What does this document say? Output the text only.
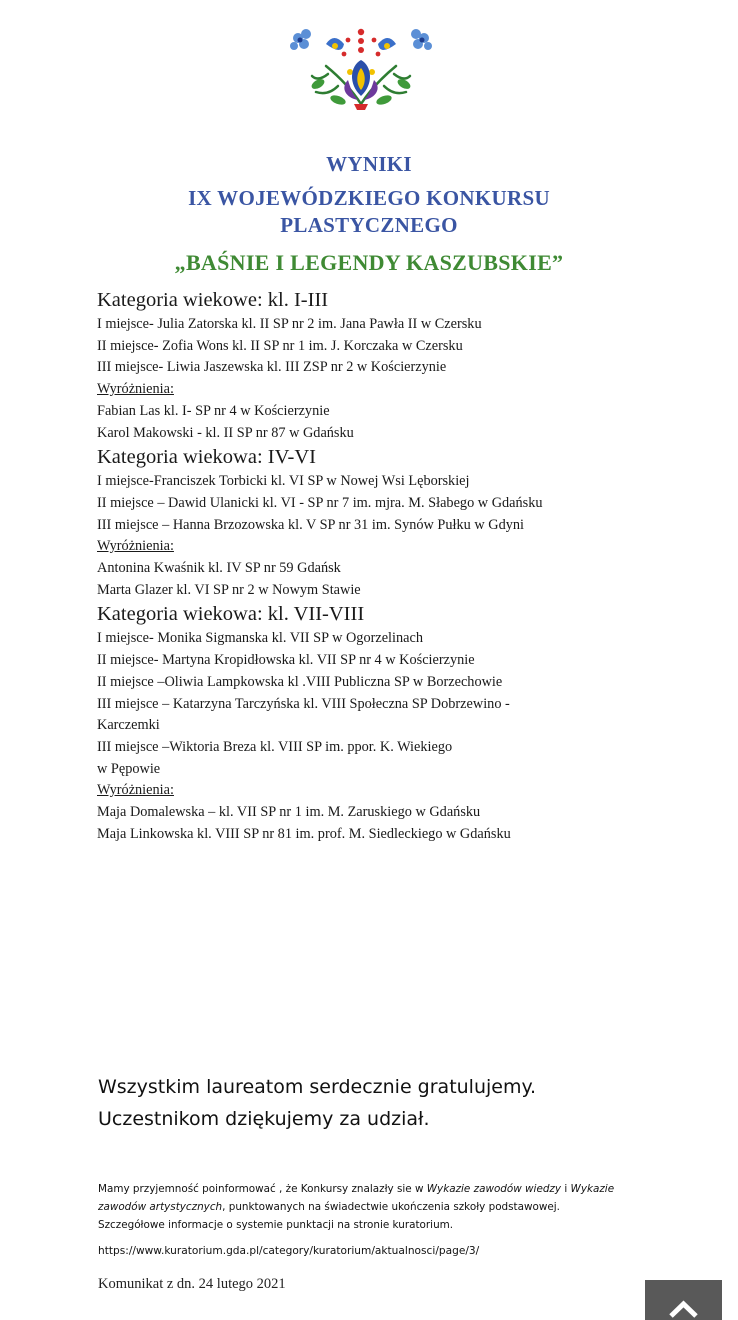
WYNIKI
IX WOJEWÓDZKIEGO KONKURSU
PLASTYCZNEGO
„BAŚNIE I LEGENDY KASZUBSKIE”

Kategoria wiekowe: kl. I-III

I miejsce- Julia Zatorska kl. II SP nr 2 im. Jana Pawła II w Czersku

II miejsce- Zofia Wons kl. II SP nr 1 im. J. Korczaka w Czersku

III miejsce- Liwia Jaszewska kl. III ZSP nr 2 w Kościerzynie

Wyróżnienia:

Fabian Las kl. I- SP nr 4 w Kościerzynie

Karol Makowski - kl. II SP nr 87 w Gdańsku

Kategoria wiekowa: IV-VI

I miejsce-Franciszek Torbicki kl. VI SP w Nowej Wsi Lęborskiej

II miejsce – Dawid Ulanicki kl. VI - SP nr 7 im. mjra. M. Słabego w Gdańsku

III miejsce – Hanna Brzozowska kl. V SP nr 31 im. Synów Pułku w Gdyni

Wyróżnienia:

Antonina Kwaśnik kl. IV SP nr 59 Gdańsk

Marta Glazer kl. VI SP nr 2 w Nowym Stawie

Kategoria wiekowa: kl. VII-VIII

I miejsce- Monika Sigmanska kl. VII SP w Ogorzelinach

II miejsce- Martyna Kropidłowska kl. VII SP nr 4 w Kościerzynie

II miejsce –Oliwia Lampkowska kl .VIII Publiczna SP w Borzechowie

III miejsce – Katarzyna Tarczyńska kl. VIII Społeczna SP Dobrzewino -

Karczemki

III miejsce –Wiktoria Breza kl. VIII SP im. ppor. K. Wiekiego

w Pępowie

Wyróżnienia:

Maja Domalewska – kl. VII SP nr 1 im. M. Zaruskiego w Gdańsku

Maja Linkowska kl. VIII SP nr 81 im. prof. M. Siedleckiego w Gdańsku

Wszystkim laureatom serdecznie gratulujemy.
Uczestnikom dziękujemy za udział.
Mamy przyjemność poinformować , że Konkursy znalazły sie w Wykazie zawodów wiedzy i Wykazie zawodów artystycznych, punktowanych na świadectwie ukończenia szkoły podstawowej.
Szczegółowe informacje o systemie punktacji na stronie kuratorium.
https://www.kuratorium.gda.pl/category/kuratorium/aktualnosci/page/3/
Komunikat z dn. 24 lutego 2021
